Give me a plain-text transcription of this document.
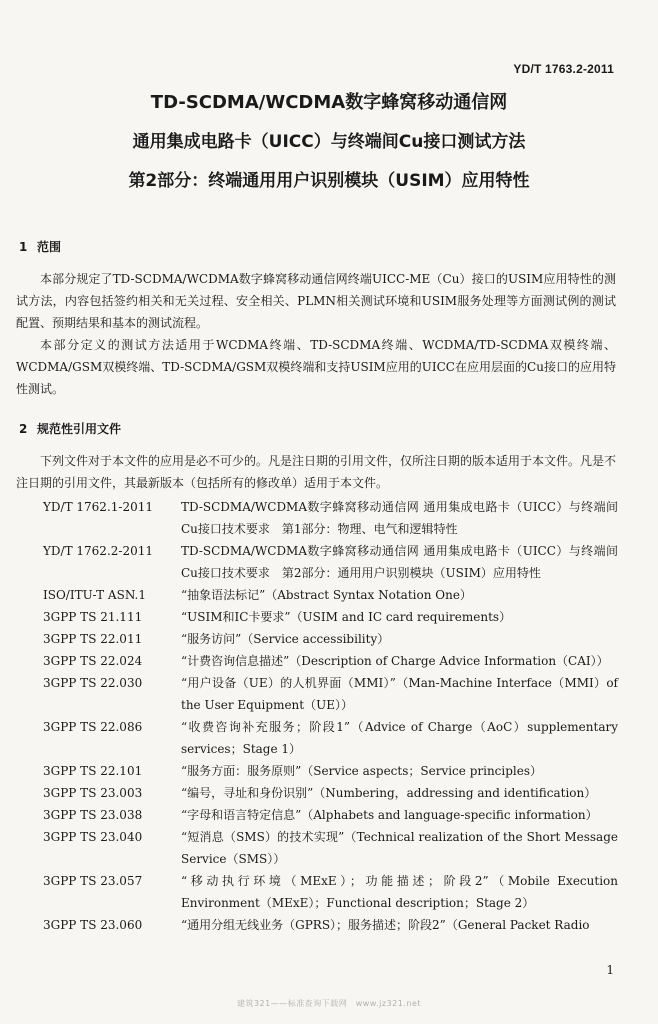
YD/T 1763.2-2011
TD-SCDMA/WCDMA数字蜂窝移动通信网
通用集成电路卡（UICC）与终端间Cu接口测试方法
第2部分：终端通用用户识别模块（USIM）应用特性
1 范围

本部分规定了TD-SCDMA/WCDMA数字蜂窝移动通信网终端UICC-ME（Cu）接口的USIM应用特性的测试方法，内容包括签约相关和无关过程、安全相关、PLMN相关测试环境和USIM服务处理等方面测试例的测试配置、预期结果和基本的测试流程。

本部分定义的测试方法适用于WCDMA终端、TD-SCDMA终端、WCDMA/TD-SCDMA双模终端、WCDMA/GSM双模终端、TD-SCDMA/GSM双模终端和支持USIM应用的UICC在应用层面的Cu接口的应用特性测试。

2 规范性引用文件

下列文件对于本文件的应用是必不可少的。凡是注日期的引用文件，仅所注日期的版本适用于本文件。凡是不注日期的引用文件，其最新版本（包括所有的修改单）适用于本文件。

YD/T 1762.1-2011	TD-SCDMA/WCDMA数字蜂窝移动通信网 通用集成电路卡（UICC）与终端间Cu接口技术要求　第1部分：物理、电气和逻辑特性
YD/T 1762.2-2011	TD-SCDMA/WCDMA数字蜂窝移动通信网 通用集成电路卡（UICC）与终端间Cu接口技术要求　第2部分：通用用户识别模块（USIM）应用特性
ISO/ITU-T ASN.1	“抽象语法标记”（Abstract Syntax Notation One）
3GPP TS 21.111	“USIM和IC卡要求”（USIM and IC card requirements）
3GPP TS 22.011	“服务访问”（Service accessibility）
3GPP TS 22.024	“计费咨询信息描述”（Description of Charge Advice Information（CAI））
3GPP TS 22.030	“用户设备（UE）的人机界面（MMI）”（Man-Machine Interface（MMI）of the User Equipment（UE））
3GPP TS 22.086	“收费咨询补充服务；阶段1”（Advice of Charge（AoC）supplementary services；Stage 1）
3GPP TS 22.101	“服务方面：服务原则”（Service aspects；Service principles）
3GPP TS 23.003	“编号，寻址和身份识别”（Numbering，addressing and identification）
3GPP TS 23.038	“字母和语言特定信息”（Alphabets and language-specific information）
3GPP TS 23.040	“短消息（SMS）的技术实现”（Technical realization of the Short Message Service（SMS））
3GPP TS 23.057	“移动执行环境（MExE）；功能描述；阶段2”（Mobile Execution Environment（MExE）；Functional description；Stage 2）
3GPP TS 23.060	“通用分组无线业务（GPRS）；服务描述；阶段2”（General Packet Radio
1
建筑321——标准查询下载网　www.jz321.net
